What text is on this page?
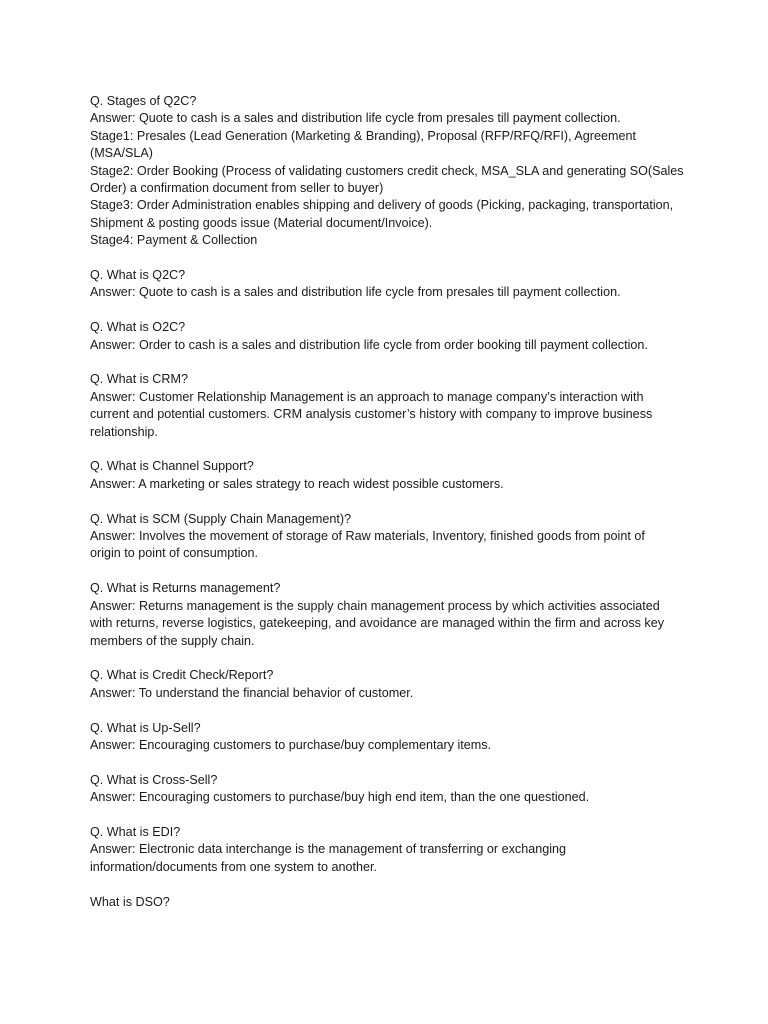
Q. Stages of Q2C?
Answer: Quote to cash is a sales and distribution life cycle from presales till payment collection.
Stage1: Presales (Lead Generation (Marketing & Branding), Proposal (RFP/RFQ/RFI), Agreement
(MSA/SLA)
Stage2: Order Booking (Process of validating customers credit check, MSA_SLA and generating SO(Sales
Order) a confirmation document from seller to buyer)
Stage3: Order Administration enables shipping and delivery of goods (Picking, packaging, transportation,
Shipment & posting goods issue (Material document/Invoice).
Stage4: Payment & Collection
Q. What is Q2C?
Answer: Quote to cash is a sales and distribution life cycle from presales till payment collection.
Q. What is O2C?
Answer: Order to cash is a sales and distribution life cycle from order booking till payment collection.
Q. What is CRM?
Answer: Customer Relationship Management is an approach to manage company’s interaction with
current and potential customers. CRM analysis customer’s history with company to improve business
relationship.
Q. What is Channel Support?
Answer: A marketing or sales strategy to reach widest possible customers.
Q. What is SCM (Supply Chain Management)?
Answer: Involves the movement of storage of Raw materials, Inventory, finished goods from point of
origin to point of consumption.
Q. What is Returns management?
Answer: Returns management is the supply chain management process by which activities associated
with returns, reverse logistics, gatekeeping, and avoidance are managed within the firm and across key
members of the supply chain.
Q. What is Credit Check/Report?
Answer: To understand the financial behavior of customer.
Q. What is Up-Sell?
Answer: Encouraging customers to purchase/buy complementary items.
Q. What is Cross-Sell?
Answer: Encouraging customers to purchase/buy high end item, than the one questioned.
Q. What is EDI?
Answer: Electronic data interchange is the management of transferring or exchanging
information/documents from one system to another.
What is DSO?
